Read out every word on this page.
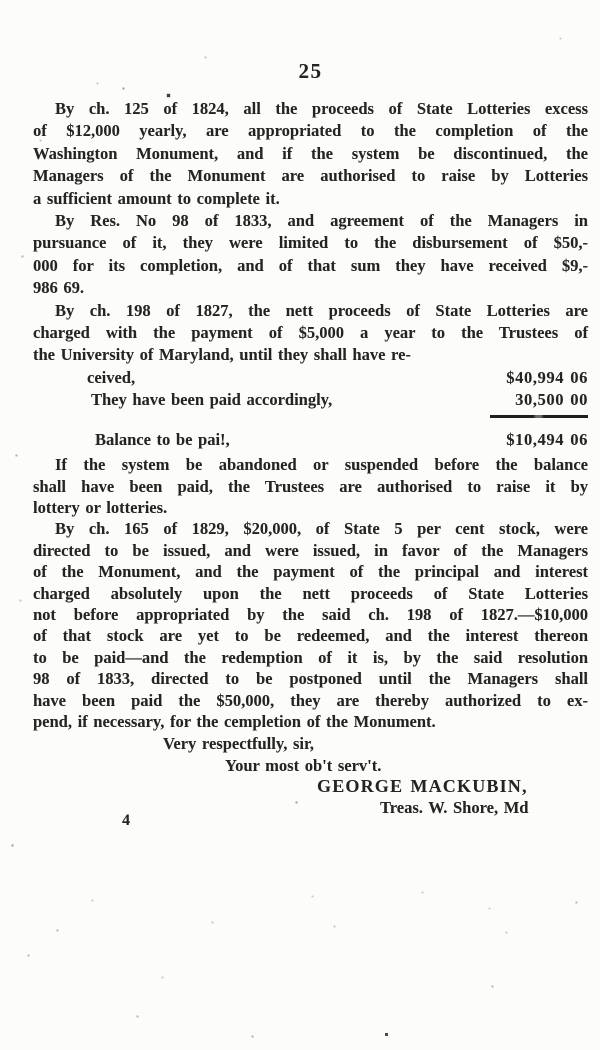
25
By ch. 125 of 1824, all the proceeds of State Lotteries excess
of $12,000 yearly, are appropriated to the completion of the
Washington Monument, and if the system be discontinued, the
Managers of the Monument are authorised to raise by Lotteries
a sufficient amount to complete it.
By Res. No 98 of 1833, and agreement of the Managers in
pursuance of it, they were limited to the disbursement of $50,-
000 for its completion, and of that sum they have received $9,-
986 69.
By ch. 198 of 1827, the nett proceeds of State Lotteries are
charged with the payment of $5,000 a year to the Trustees of
the University of Maryland, until they shall have re-
ceived,	$40,994 06
They have been paid accordingly,	30,500 00
Balance to be pai!,	$10,494 06
If the system be abandoned or suspended before the balance
shall have been paid, the Trustees are authorised to raise it by
lottery or lotteries.
By ch. 165 of 1829, $20,000, of State 5 per cent stock, were
directed to be issued, and were issued, in favor of the Managers
of the Monument, and the payment of the principal and interest
charged absolutely upon the nett proceeds of State Lotteries
not before appropriated by the said ch. 198 of 1827.—$10,000
of that stock are yet to be redeemed, and the interest thereon
to be paid—and the redemption of it is, by the said resolution
98 of 1833, directed to be postponed until the Managers shall
have been paid the $50,000, they are thereby authorized to ex-
pend, if necessary, for the cempletion of the Monument.
Very respectfully, sir,
Your most ob't serv't.
GEORGE MACKUBIN,
Treas. W. Shore, Md
4
